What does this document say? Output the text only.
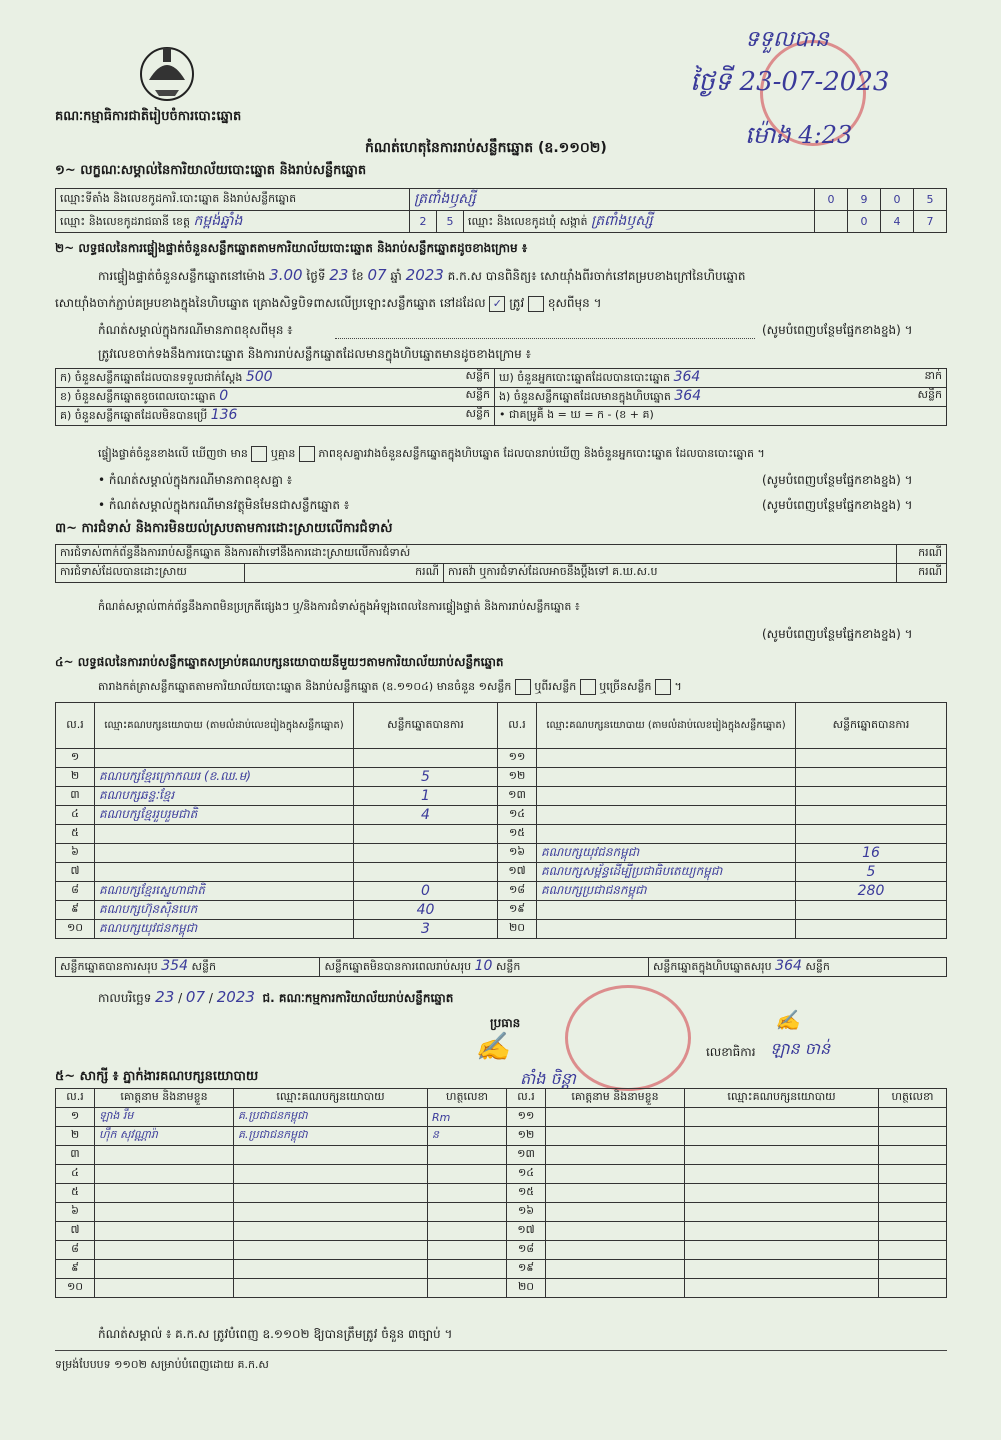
គណៈកម្មាធិការជាតិរៀបចំការបោះឆ្នោត
ទទួលបាន
ថ្ងៃទី 23-07-2023
ម៉ោង 4:23
កំណត់ហេតុនៃការរាប់សន្លឹកឆ្នោត (ឧ.១១០២)
១~ លក្ខណៈសម្គាល់នៃការិយាល័យបោះឆ្នោត និងរាប់សន្លឹកឆ្នោត
ឈ្មោះទីតាំង និងលេខកូដការិ.បោះឆ្នោត និងរាប់សន្លឹកឆ្នោត	ត្រពាំងឫស្សី			0	9	0	5
ឈ្មោះ និងលេខកូដរាជធានី ខេត្ត កម្ពង់ឆ្នាំង	2	5	ឈ្មោះ និងលេខកូដឃុំ សង្កាត់ ត្រពាំងឫស្សី		0	4	7
២~ លទ្ធផលនៃការផ្ទៀងផ្ទាត់ចំនួនសន្លឹកឆ្នោតតាមការិយាល័យបោះឆ្នោត និងរាប់សន្លឹកឆ្នោតដូចខាងក្រោម ៖
ការផ្ទៀងផ្ទាត់ចំនួនសន្លឹកឆ្នោតនៅម៉ោង 3.00 ថ្ងៃទី 23 ខែ 07 ឆ្នាំ 2023 គ.ក.ស បានពិនិត្យ៖ សោយ៉ាំងពីរចាក់នៅគម្របខាងក្រៅនៃហិបឆ្នោត
សោយ៉ាំងចាក់ភ្ជាប់គម្របខាងក្នុងនៃហិបឆ្នោត គ្រោងសិទ្ធបិទពាសលើប្រឡោះសន្លឹកឆ្នោត នៅដដែល ✓ ត្រូវ ខុសពីមុន ។
កំណត់សម្គាល់ក្នុងករណីមានភាពខុសពីមុន ៖	(សូមបំពេញបន្ថែមផ្នែកខាងខ្នង) ។
ត្រូវលេខចាក់ទងនឹងការបោះឆ្នោត និងការរាប់សន្លឹកឆ្នោតដែលមានក្នុងហិបឆ្នោតមានដូចខាងក្រោម ៖
ក) ចំនួនសន្លឹកឆ្នោតដែលបានទទួលជាក់ស្តែង 500 សន្លឹក	ឃ) ចំនួនអ្នកបោះឆ្នោតដែលបានបោះឆ្នោត 364 នាក់

ខ) ចំនួនសន្លឹកឆ្នោតខូចពេលបោះឆ្នោត 0 សន្លឹក	ង) ចំនួនសន្លឹកឆ្នោតដែលមានក្នុងហិបឆ្នោត 364 សន្លឹក

គ) ចំនួនសន្លឹកឆ្នោតដែលមិនបានប្រើ 136 សន្លឹក	• ជាគម្រូគឺ ង = ឃ = ក - (ខ + គ)
ផ្ទៀងផ្ទាត់ចំនួនខាងលើ ឃើញថា មាន ឬគ្មាន ភាពខុសគ្នារវាងចំនួនសន្លឹកឆ្នោតក្នុងហិបឆ្នោត ដែលបានរាប់ឃើញ និងចំនួនអ្នកបោះឆ្នោត ដែលបានបោះឆ្នោត ។
• កំណត់សម្គាល់ក្នុងករណីមានភាពខុសគ្នា ៖	(សូមបំពេញបន្ថែមផ្នែកខាងខ្នង) ។
• កំណត់សម្គាល់ក្នុងករណីមានវត្ថុមិនមែនជាសន្លឹកឆ្នោត ៖	(សូមបំពេញបន្ថែមផ្នែកខាងខ្នង) ។
៣~ ការជំទាស់ និងការមិនយល់ស្របតាមការដោះស្រាយលើការជំទាស់
ការជំទាស់ពាក់ព័ន្ធនឹងការរាប់សន្លឹកឆ្នោត និងការតវ៉ាទៅនឹងការដោះស្រាយលើការជំទាស់			ករណី
ការជំទាស់ដែលបានដោះស្រាយ	ករណី	ការតវ៉ា ឬការជំទាស់ដែលអាចនឹងប្តឹងទៅ គ.ឃ.ស.ប	ករណី
កំណត់សម្គាល់ពាក់ព័ន្ធនឹងភាពមិនប្រក្រតីផ្សេងៗ ឬ/និងការជំទាស់ក្នុងអំឡុងពេលនៃការផ្ទៀងផ្ទាត់ និងការរាប់សន្លឹកឆ្នោត ៖
(សូមបំពេញបន្ថែមផ្នែកខាងខ្នង) ។
៤~ លទ្ធផលនៃការរាប់សន្លឹកឆ្នោតសម្រាប់គណបក្សនយោបាយនីមួយៗតាមការិយាល័យរាប់សន្លឹកឆ្នោត
តារាងកត់ត្រាសន្លឹកឆ្នោតតាមការិយាល័យបោះឆ្នោត និងរាប់សន្លឹកឆ្នោត (ឧ.១១០៤) មានចំនួន ១សន្លឹក ឬពីរសន្លឹក ឬច្រើនសន្លឹក  ។
ល.រ	ឈ្មោះគណបក្សនយោបាយ (តាមលំដាប់លេខរៀងក្នុងសន្លឹកឆ្នោត)	សន្លឹកឆ្នោតបានការ	ល.រ	ឈ្មោះគណបក្សនយោបាយ (តាមលំដាប់លេខរៀងក្នុងសន្លឹកឆ្នោត)	សន្លឹកឆ្នោតបានការ
១			១១		
២	គណបក្សខ្មែរក្រោកឈរ (ខ.ឈ.ម)	5	១២		
៣	គណបក្សឆន្ទៈខ្មែរ	1	១៣		
៤	គណបក្សខ្មែររួបរួមជាតិ	4	១៤		
៥			១៥		
៦			១៦	គណបក្សយុវជនកម្ពុជា	16
៧			១៧	គណបក្សសម្ព័ន្ធដើម្បីប្រជាធិបតេយ្យកម្ពុជា	5
៨	គណបក្សខ្មែរស្នេហាជាតិ	0	១៨	គណបក្សប្រជាជនកម្ពុជា	280
៩	គណបក្សហ៊ុនស៊ិនបេក	40	១៩		
១០	គណបក្សយុវជនកម្ពុជា	3	២០		
សន្លឹកឆ្នោតបានការសរុប 354 សន្លឹក	សន្លឹកឆ្នោតមិនបានការពេលរាប់សរុប 10 សន្លឹក	សន្លឹកឆ្នោតក្នុងហិបឆ្នោតសរុប 364 សន្លឹក
កាលបរិច្ឆេទ 23 / 07 / 2023 ជ. គណៈកម្មការការិយាល័យរាប់សន្លឹកឆ្នោត
ប្រធាន
✍
តាំង ចិន្តា
លេខាធិការ ឡាន ចាន់
✍
៥~ សាក្សី ៖ ភ្នាក់ងារគណបក្សនយោបាយ
ល.រ	គោត្តនាម និងនាមខ្លួន	ឈ្មោះគណបក្សនយោបាយ	ហត្ថលេខា	ល.រ	គោត្តនាម និងនាមខ្លួន	ឈ្មោះគណបក្សនយោបាយ	ហត្ថលេខា
១	ឡាង រឹម	គ.ប្រជាជនកម្ពុជា	Rm	១១			
២	ហ៊ឹក សុវណ្ណារ៉ា	គ.ប្រជាជនកម្ពុជា	ន	១២			
៣				១៣			
៤				១៤			
៥				១៥			
៦				១៦			
៧				១៧			
៨				១៨			
៩				១៩			
១០				២០			
កំណត់សម្គាល់ ៖ គ.ក.ស ត្រូវបំពេញ ឧ.១១០២ ឱ្យបានត្រឹមត្រូវ ចំនួន ៣ច្បាប់ ។
ទម្រង់បែបបទ ១១០២ សម្រាប់បំពេញដោយ គ.ក.ស
